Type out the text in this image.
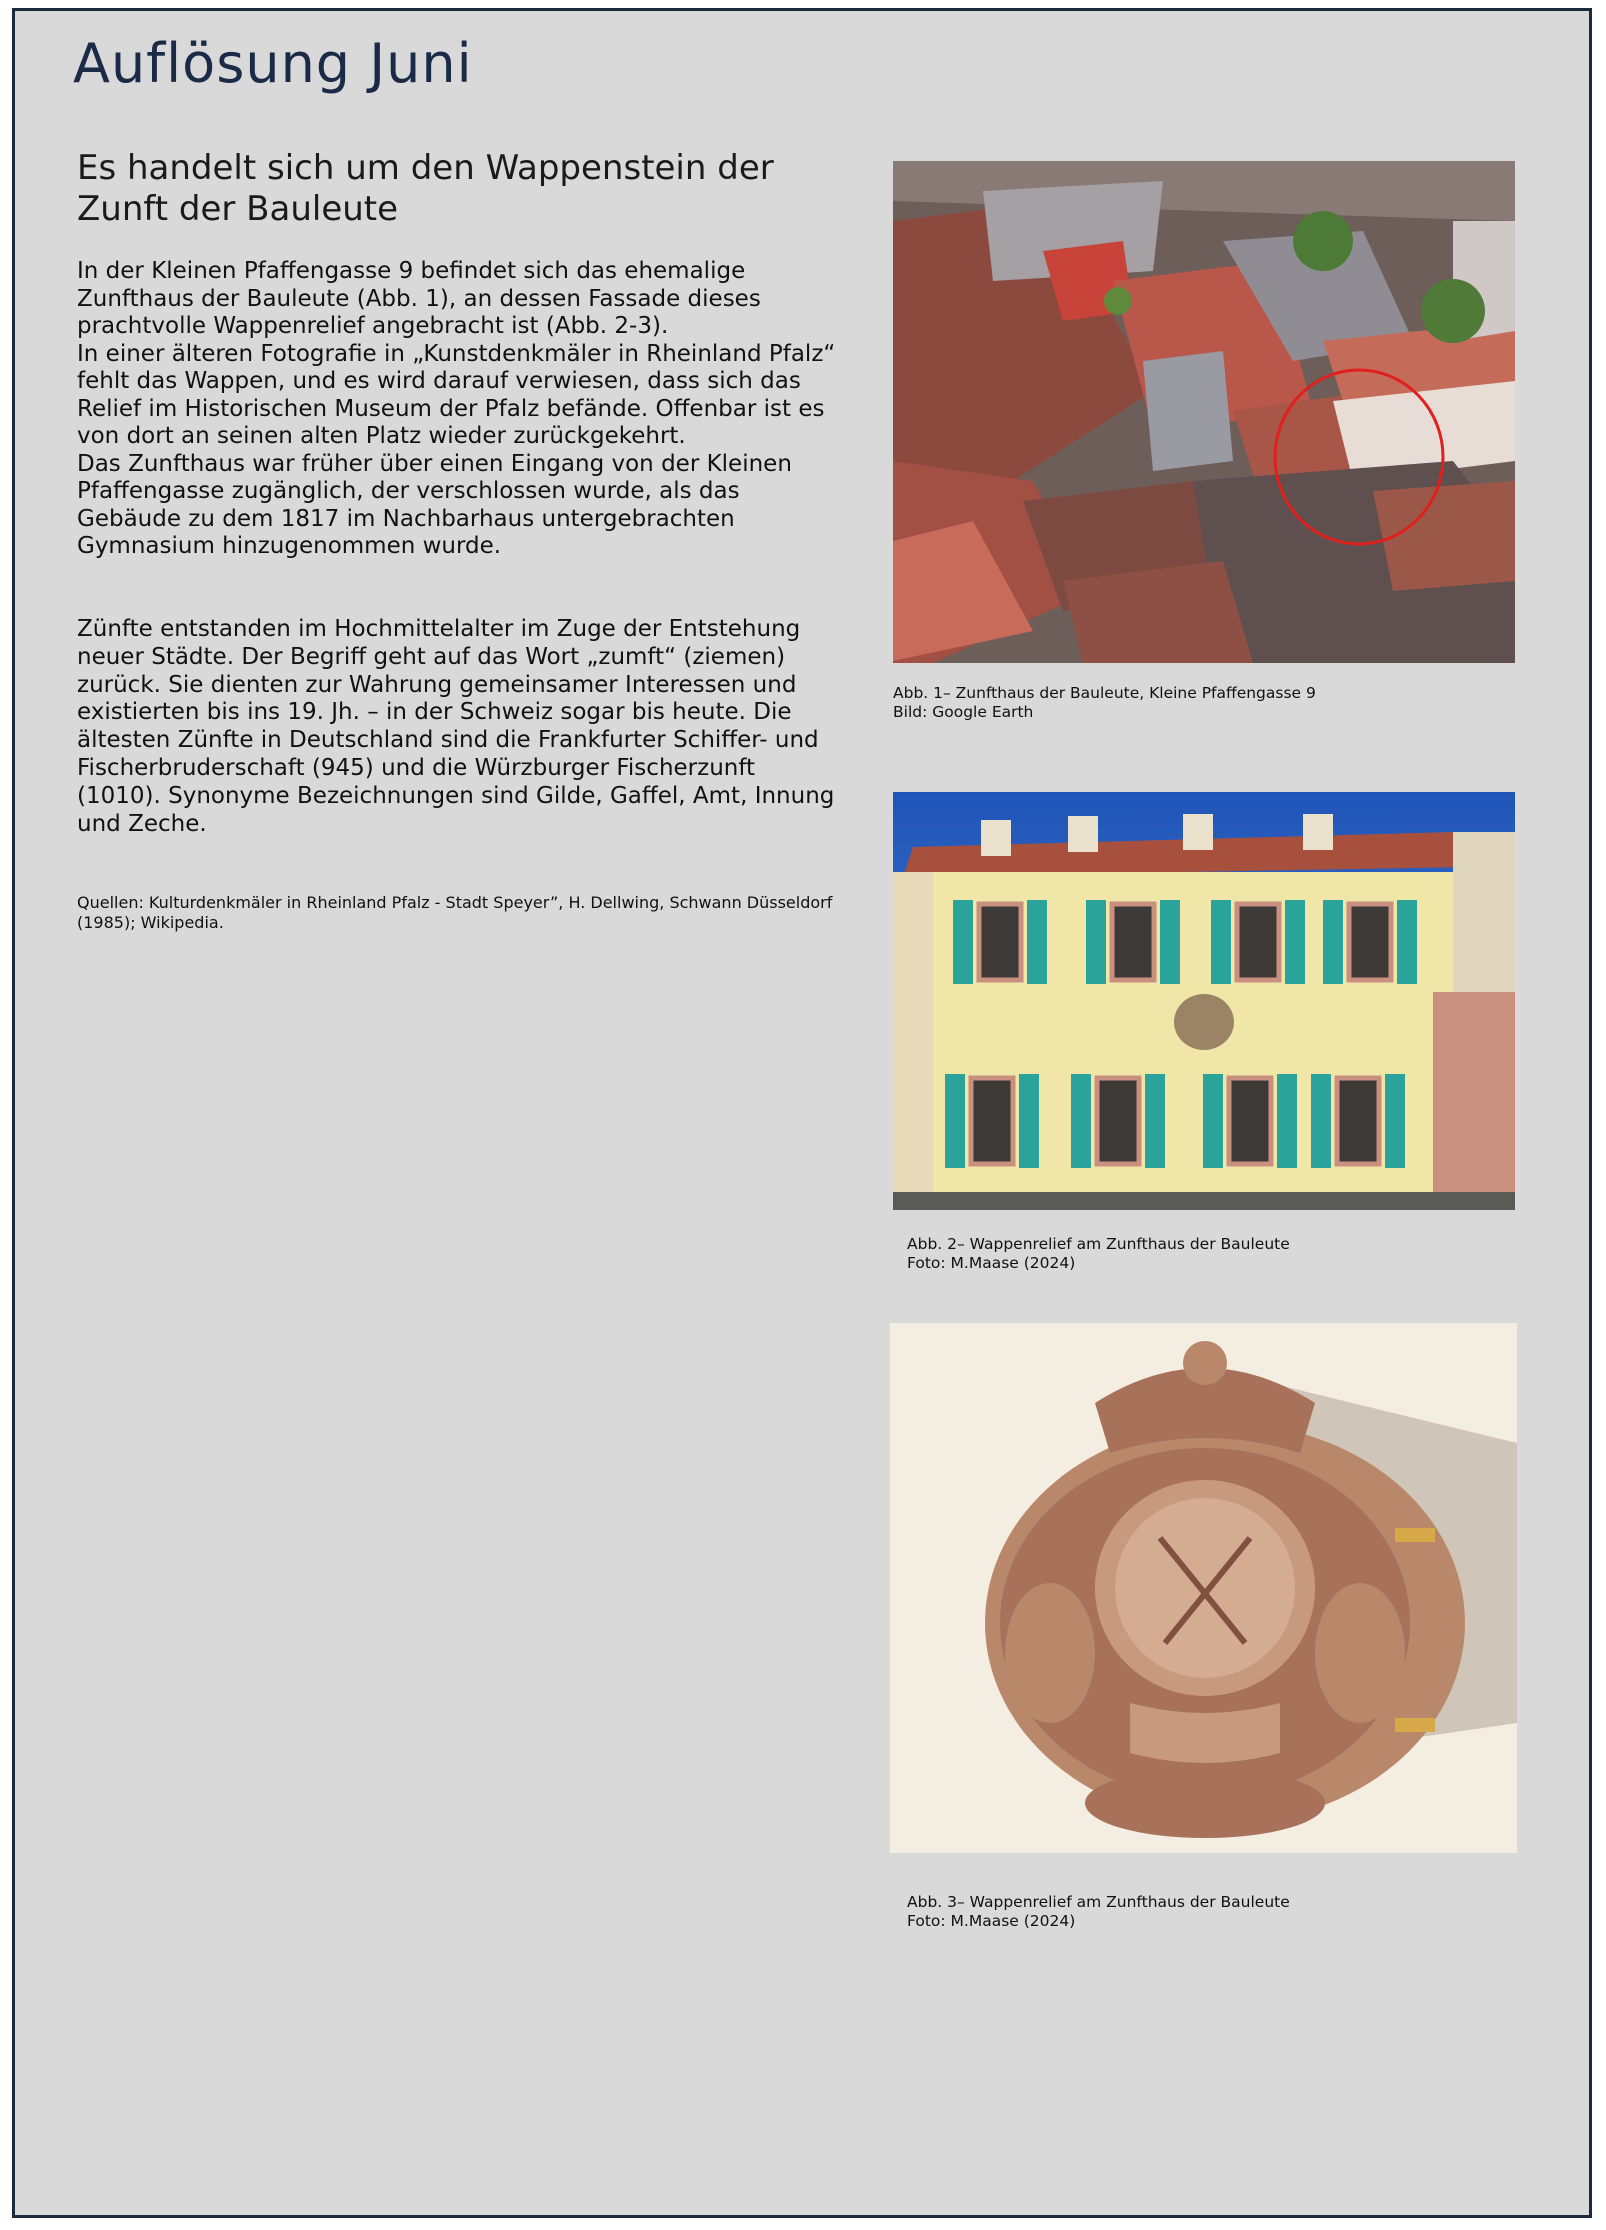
Auflösung Juni
Es handelt sich um den Wappenstein der Zunft der Bauleute

In der Kleinen Pfaffengasse 9 befindet sich das ehemalige Zunfthaus der Bauleute (Abb. 1), an dessen Fassade dieses prachtvolle Wappenrelief angebracht ist (Abb. 2-3).

In einer älteren Fotografie in „Kunstdenkmäler in Rheinland Pfalz“ fehlt das Wappen, und es wird darauf verwiesen, dass sich das Relief im Historischen Museum der Pfalz befände. Offenbar ist es von dort an seinen alten Platz wieder zurückgekehrt.

Das Zunfthaus war früher über einen Eingang von der Kleinen Pfaffengasse zugänglich, der verschlossen wurde, als das Gebäude zu dem 1817 im Nachbarhaus untergebrachten Gymnasium hinzugenommen wurde.

Zünfte entstanden im Hochmittelalter im Zuge der Entstehung neuer Städte. Der Begriff geht auf das Wort „zumft“ (ziemen) zurück. Sie dienten zur Wahrung gemeinsamer Interessen und existierten bis ins 19. Jh. – in der Schweiz sogar bis heute. Die ältesten Zünfte in Deutschland sind die Frankfurter Schiffer- und Fischerbruderschaft (945) und die Würzburger Fischerzunft (1010). Synonyme Bezeichnungen sind Gilde, Gaffel, Amt, Innung und Zeche.

Quellen: Kulturdenkmäler in Rheinland Pfalz - Stadt Speyer”, H. Dellwing, Schwann Düsseldorf (1985); Wikipedia.

Abb. 1– Zunfthaus der Bauleute, Kleine Pfaffengasse 9
Bild: Google Earth
Abb. 2– Wappenrelief am Zunfthaus der Bauleute
Foto: M.Maase (2024)
Abb. 3– Wappenrelief am Zunfthaus der Bauleute
Foto: M.Maase (2024)
